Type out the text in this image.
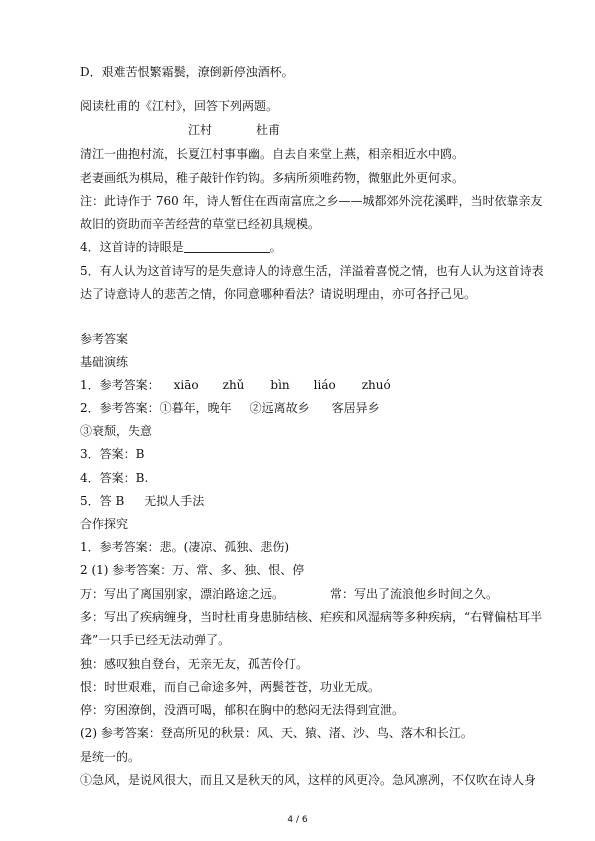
D．艰难苦恨繁霜鬓，潦倒新停浊酒杯。
阅读杜甫的《江村》，回答下列两题。
江村	杜甫
清江一曲抱村流，长夏江村事事幽。自去自来堂上燕，相亲相近水中鸥。
老妻画纸为棋局，稚子敲针作钓钩。多病所须唯药物，微躯此外更何求。
注：此诗作于 760 年，诗人暂住在西南富庶之乡——城都郊外浣花溪畔，当时依靠亲友
故旧的资助而辛苦经营的草堂已经初具规模。
4．这首诗的诗眼是	。
5．有人认为这首诗写的是失意诗人的诗意生活，洋溢着喜悦之情，也有人认为这首诗表
达了诗意诗人的悲苦之情，你同意哪种看法？请说明理由，亦可各抒己见。
参考答案
基础演练
1．参考答案： xiāo zhǔ bìn liáo zhuó
2．参考答案：①暮年，晚年 ②远离故乡 客居异乡
③衰颓，失意
3．答案：B
4．答案：B.
5．答 B 无拟人手法
合作探究
1．参考答案：悲。(凄凉、孤独、悲伤)
2 (1) 参考答案：万、常、多、独、恨、停
万：写出了离国别家，漂泊路途之远。	常：写出了流浪他乡时间之久。
多：写出了疾病缠身，当时杜甫身患肺结核、疟疾和风湿病等多种疾病，“右臂偏枯耳半
聋”一只手已经无法动弹了。
独：感叹独自登台，无亲无友，孤苦伶仃。
恨：时世艰难，而自己命途多舛，两鬓苍苍，功业无成。
停：穷困潦倒，没酒可喝，郁积在胸中的愁闷无法得到宣泄。
(2) 参考答案：登高所见的秋景：风、天、猿、渚、沙、鸟、落木和长江。
是统一的。
①急风，是说风很大，而且又是秋天的风，这样的风更冷。急风凛冽，不仅吹在诗人身
4 / 6
